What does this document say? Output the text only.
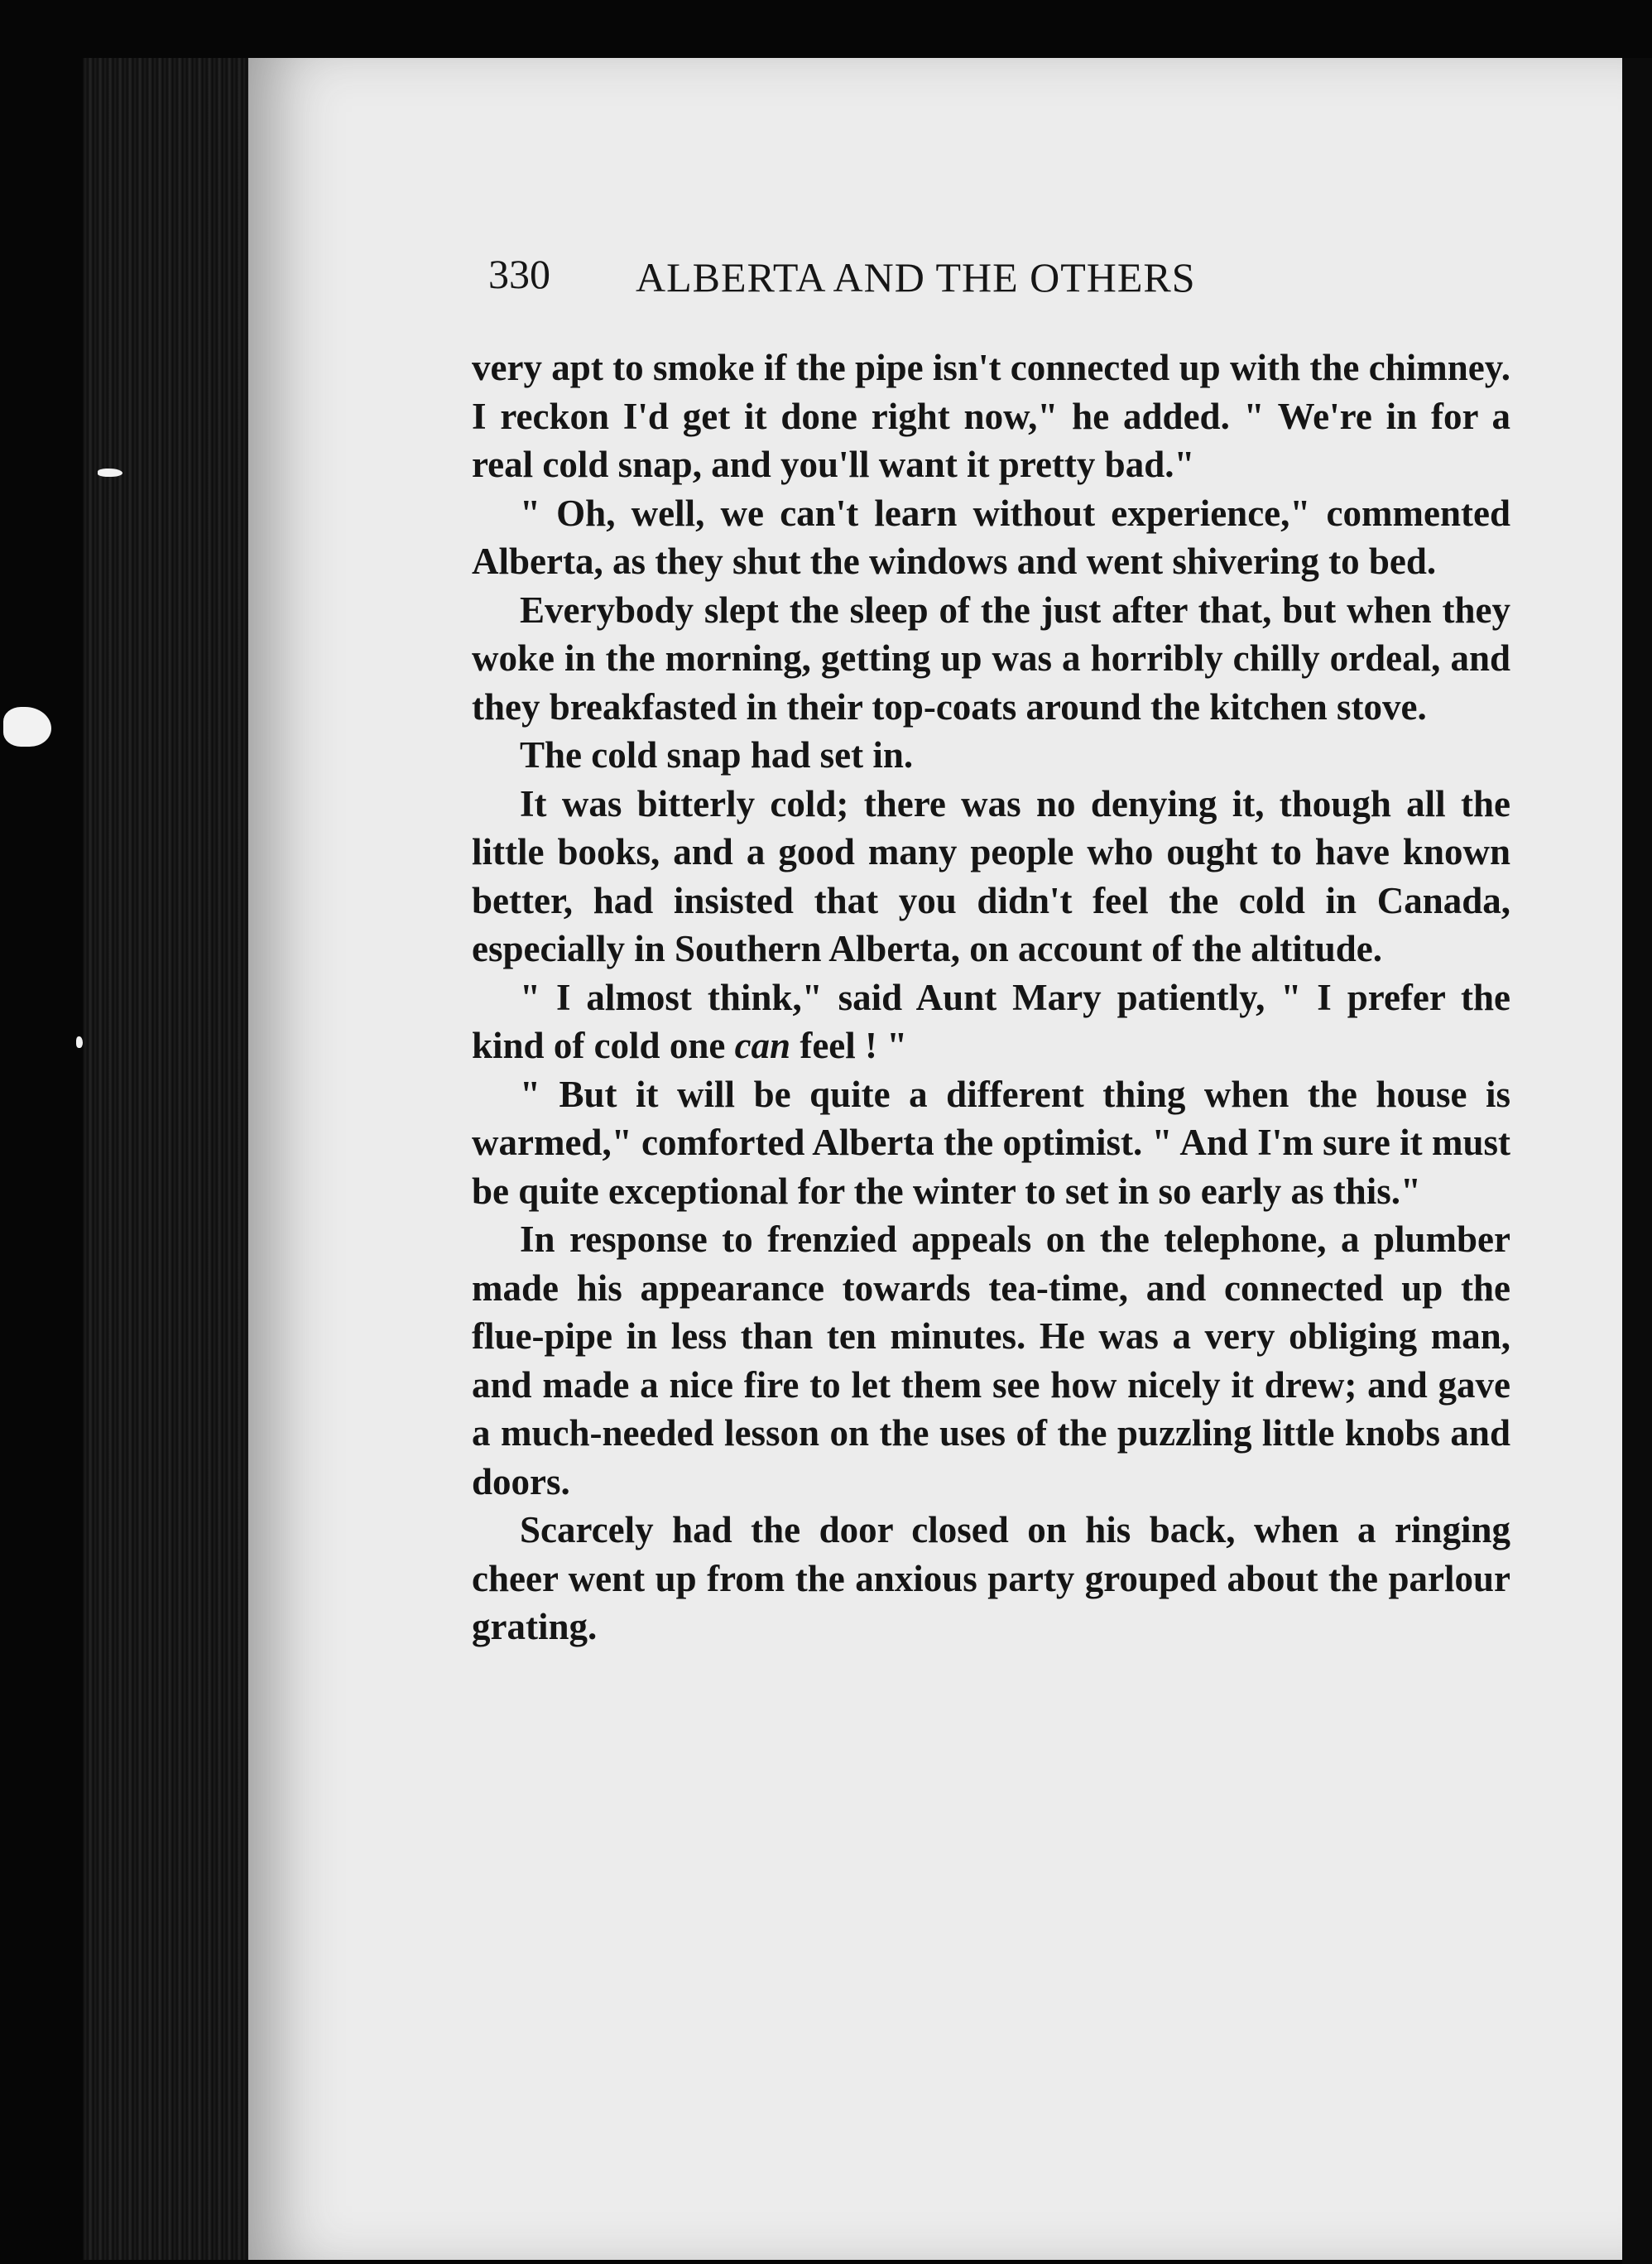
330 ALBERTA AND THE OTHERS

very apt to smoke if the pipe isn't connected up with the chimney. I reckon I'd get it done right now," he added. " We're in for a real cold snap, and you'll want it pretty bad."

" Oh, well, we can't learn without experience," commented Alberta, as they shut the windows and went shivering to bed.

Everybody slept the sleep of the just after that, but when they woke in the morning, getting up was a horribly chilly ordeal, and they breakfasted in their top-coats around the kitchen stove.

The cold snap had set in.

It was bitterly cold; there was no denying it, though all the little books, and a good many people who ought to have known better, had insisted that you didn't feel the cold in Canada, especially in Southern Alberta, on account of the altitude.

" I almost think," said Aunt Mary patiently, " I prefer the kind of cold one can feel ! "

" But it will be quite a different thing when the house is warmed," comforted Alberta the optimist. " And I'm sure it must be quite exceptional for the winter to set in so early as this."

In response to frenzied appeals on the telephone, a plumber made his appearance towards tea-time, and connected up the flue-pipe in less than ten minutes. He was a very obliging man, and made a nice fire to let them see how nicely it drew; and gave a much-needed lesson on the uses of the puzzling little knobs and doors.

Scarcely had the door closed on his back, when a ringing cheer went up from the anxious party grouped about the parlour grating.
